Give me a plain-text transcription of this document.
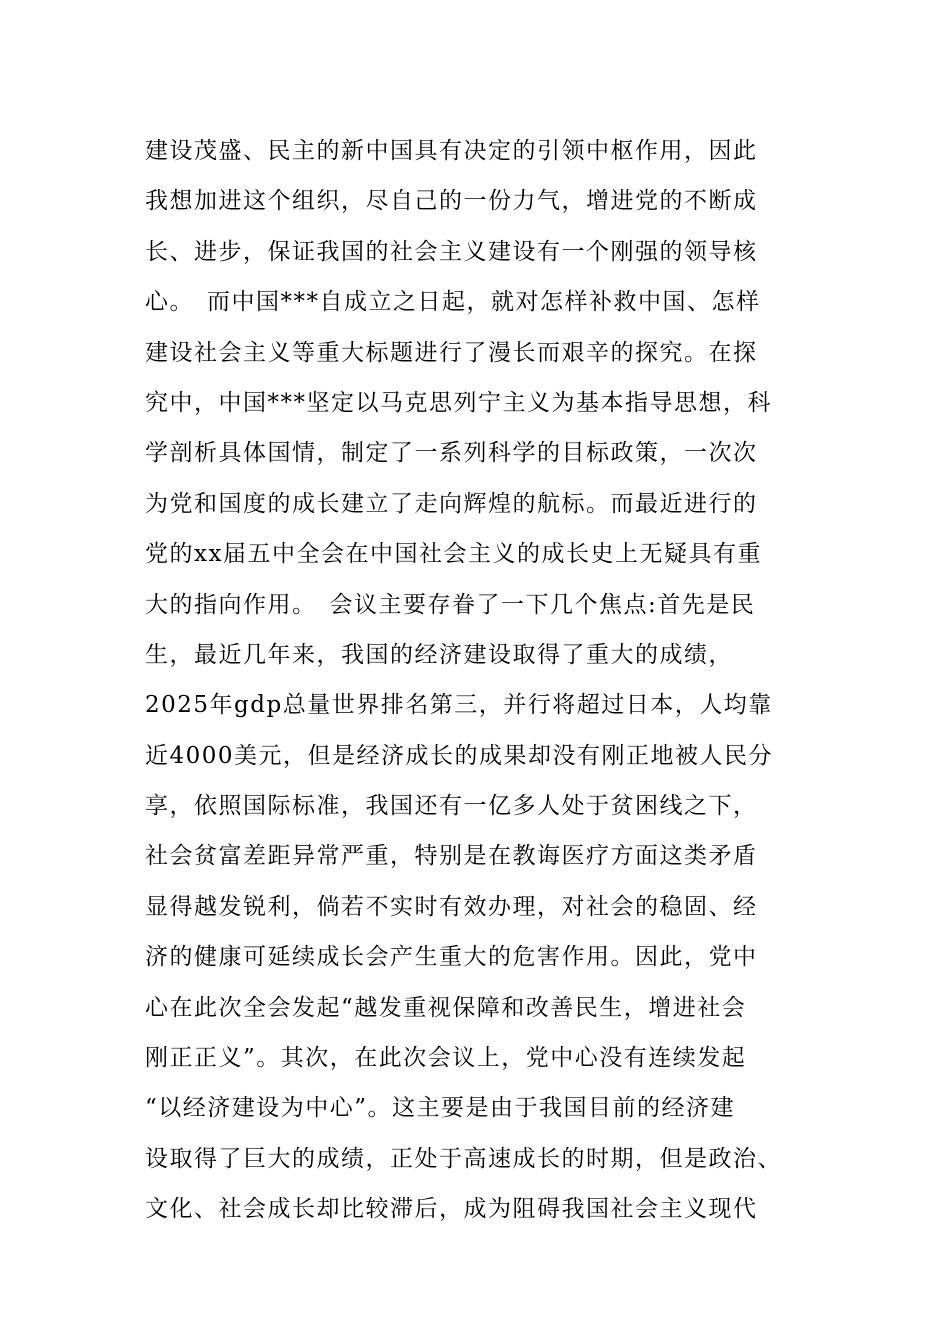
建设茂盛、民主的新中国具有决定的引领中枢作用，因此
我想加进这个组织，尽自己的一份力气，增进党的不断成
长、进步，保证我国的社会主义建设有一个刚强的领导核
心。　而中国***自成立之日起，就对怎样补救中国、怎样
建设社会主义等重大标题进行了漫长而艰辛的探究。在探
究中，中国***坚定以马克思列宁主义为基本指导思想，科
学剖析具体国情，制定了一系列科学的目标政策，一次次
为党和国度的成长建立了走向辉煌的航标。而最近进行的
党的xx届五中全会在中国社会主义的成长史上无疑具有重
大的指向作用。　会议主要存眷了一下几个焦点:首先是民
生，最近几年来，我国的经济建设取得了重大的成绩，
2025年gdp总量世界排名第三，并行将超过日本，人均靠
近4000美元，但是经济成长的成果却没有刚正地被人民分
享，依照国际标准，我国还有一亿多人处于贫困线之下，
社会贫富差距异常严重，特别是在教诲医疗方面这类矛盾
显得越发锐利，倘若不实时有效办理，对社会的稳固、经
济的健康可延续成长会产生重大的危害作用。因此，党中
心在此次全会发起“越发重视保障和改善民生，增进社会
刚正正义”。其次，在此次会议上，党中心没有连续发起
“以经济建设为中心”。这主要是由于我国目前的经济建
设取得了巨大的成绩，正处于高速成长的时期，但是政治、
文化、社会成长却比较滞后，成为阻碍我国社会主义现代
